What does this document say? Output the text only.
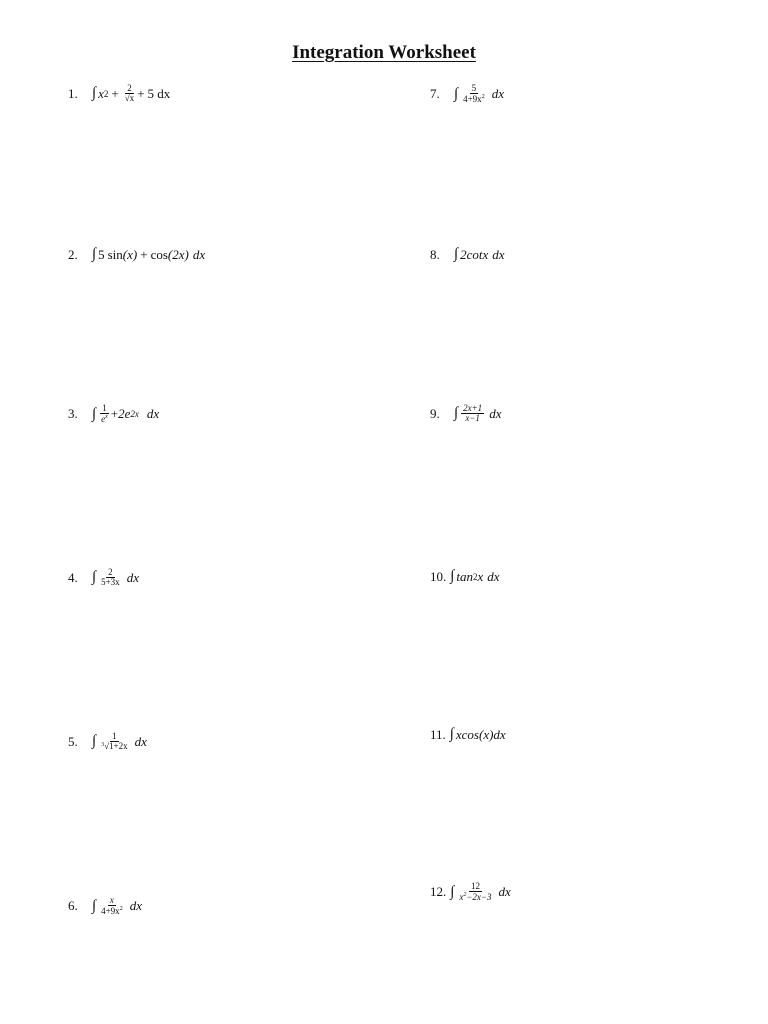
Integration Worksheet
1. ∫ x $2 + \frac{2}{√x} + 5$ dx
2. ∫ 5 sin (x) + cos (2x) dx
3. ∫ $\frac{1}{e^x} + 2e$ 2x dx
4. ∫ $\frac{2}{5+3x}$ dx
5. ∫ $\frac{1}{^3√1+2x}$ dx
6. ∫ $\frac{x}{4+9x^2}$ dx
7. ∫ $\frac{5}{4+9x^2}$ dx
8. ∫ 2cotx dx
9. ∫ $\frac{2x+1}{x-1}$ dx
10. ∫ tan 2 x dx
11. ∫ xcos(x)dx
12. ∫ $\frac{12}{x^2-2x-3}$ dx
